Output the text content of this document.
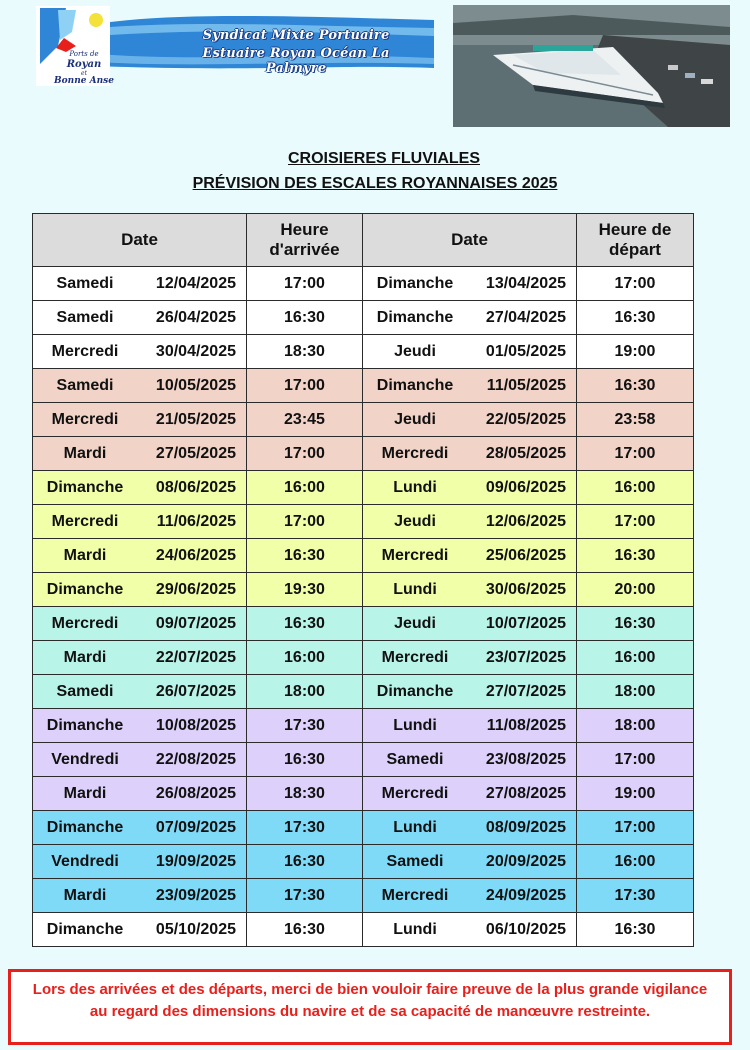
Ports de
Royan
et
Bonne Anse
Syndicat Mixte Portuaire
Estuaire Royan Océan La Palmyre
CROISIERES FLUVIALES
PRÉVISION DES ESCALES ROYANNAISES 2025
Date	Heure d'arrivée	Date	Heure de départ

Samedi 12/04/2025	17:00	Dimanche 13/04/2025	17:00

Samedi 26/04/2025	16:30	Dimanche 27/04/2025	16:30

Mercredi 30/04/2025	18:30	Jeudi 01/05/2025	19:00

Samedi 10/05/2025	17:00	Dimanche 11/05/2025	16:30

Mercredi 21/05/2025	23:45	Jeudi 22/05/2025	23:58

Mardi 27/05/2025	17:00	Mercredi 28/05/2025	17:00

Dimanche 08/06/2025	16:00	Lundi 09/06/2025	16:00

Mercredi 11/06/2025	17:00	Jeudi 12/06/2025	17:00

Mardi 24/06/2025	16:30	Mercredi 25/06/2025	16:30

Dimanche 29/06/2025	19:30	Lundi 30/06/2025	20:00

Mercredi 09/07/2025	16:30	Jeudi 10/07/2025	16:30

Mardi 22/07/2025	16:00	Mercredi 23/07/2025	16:00

Samedi 26/07/2025	18:00	Dimanche 27/07/2025	18:00

Dimanche 10/08/2025	17:30	Lundi 11/08/2025	18:00

Vendredi 22/08/2025	16:30	Samedi 23/08/2025	17:00

Mardi 26/08/2025	18:30	Mercredi 27/08/2025	19:00

Dimanche 07/09/2025	17:30	Lundi 08/09/2025	17:00

Vendredi 19/09/2025	16:30	Samedi 20/09/2025	16:00

Mardi 23/09/2025	17:30	Mercredi 24/09/2025	17:30

Dimanche 05/10/2025	16:30	Lundi 06/10/2025	16:30
Lors des arrivées et des départs, merci de bien vouloir faire preuve de la plus grande vigilance au regard des dimensions du navire et de sa capacité de manœuvre restreinte.
